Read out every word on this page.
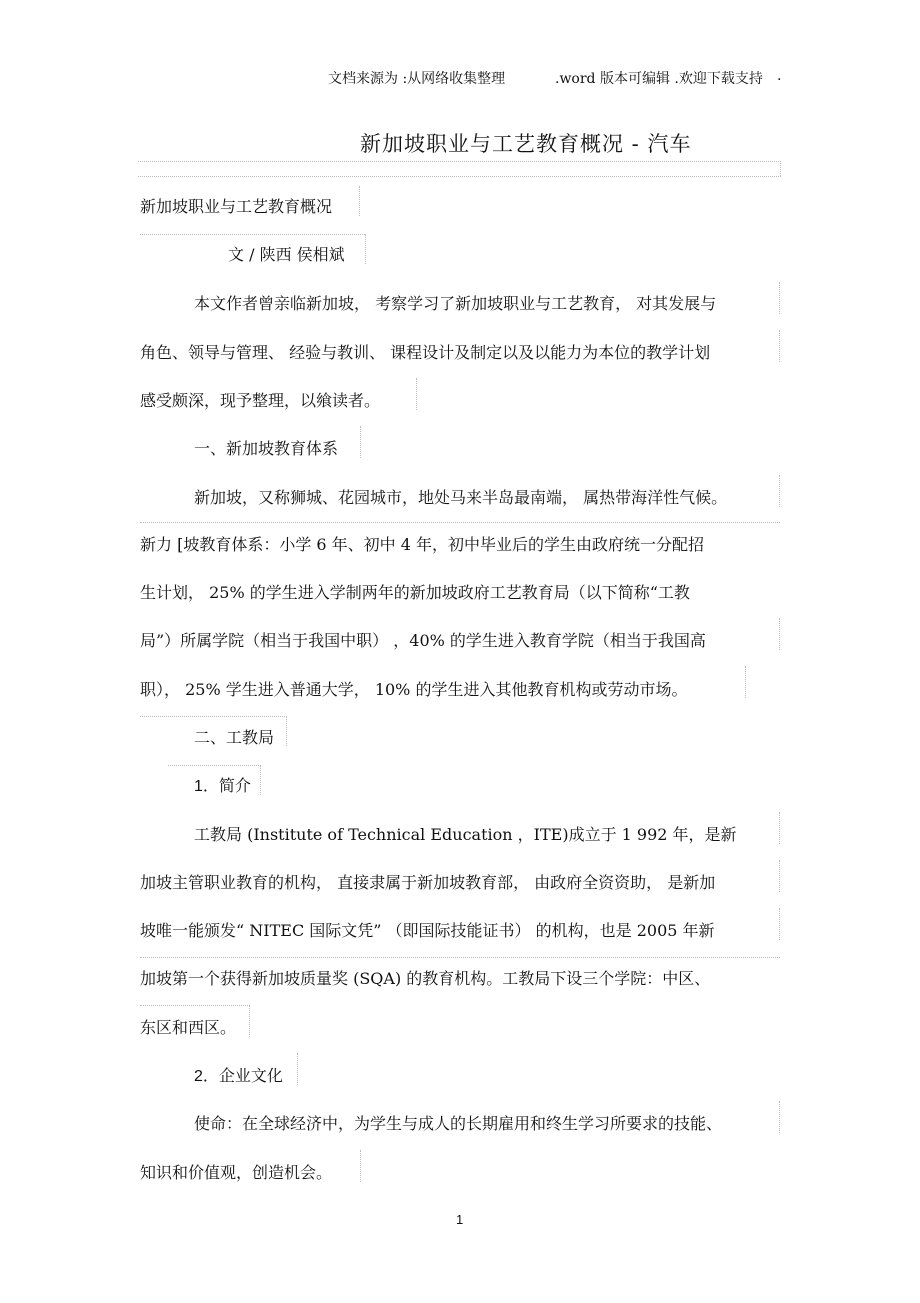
文档来源为 :从网络收集整理	.word 版本可编辑 .欢迎下载支持 .
新加坡职业与工艺教育概况 - 汽车
新加坡职业与工艺教育概况
文 / 陕西 侯相斌
本文作者曾亲临新加坡， 考察学习了新加坡职业与工艺教育， 对其发展与
角色、领导与管理、 经验与教训、 课程设计及制定以及以能力为本位的教学计划
感受颇深，现予整理，以飨读者。
一、新加坡教育体系
新加坡，又称狮城、花园城市，地处马来半岛最南端， 属热带海洋性气候。
新力 [坡教育体系：小学 6 年、初中 4 年，初中毕业后的学生由政府统一分配招
生计划， 25% 的学生进入学制两年的新加坡政府工艺教育局（以下简称“工教
局”）所属学院（相当于我国中职） ，40% 的学生进入教育学院（相当于我国高
职）， 25% 学生进入普通大学， 10% 的学生进入其他教育机构或劳动市场。
二、工教局
1．简介
工教局 (Institute of Technical Education ，ITE)成立于 1 992 年，是新
加坡主管职业教育的机构， 直接隶属于新加坡教育部， 由政府全资资助， 是新加
坡唯一能颁发“ NITEC 国际文凭” （即国际技能证书） 的机构，也是 2005 年新
加坡第一个获得新加坡质量奖 (SQA) 的教育机构。工教局下设三个学院：中区、
东区和西区。
2．企业文化
使命：在全球经济中，为学生与成人的长期雇用和终生学习所要求的技能、
知识和价值观，创造机会。
1
